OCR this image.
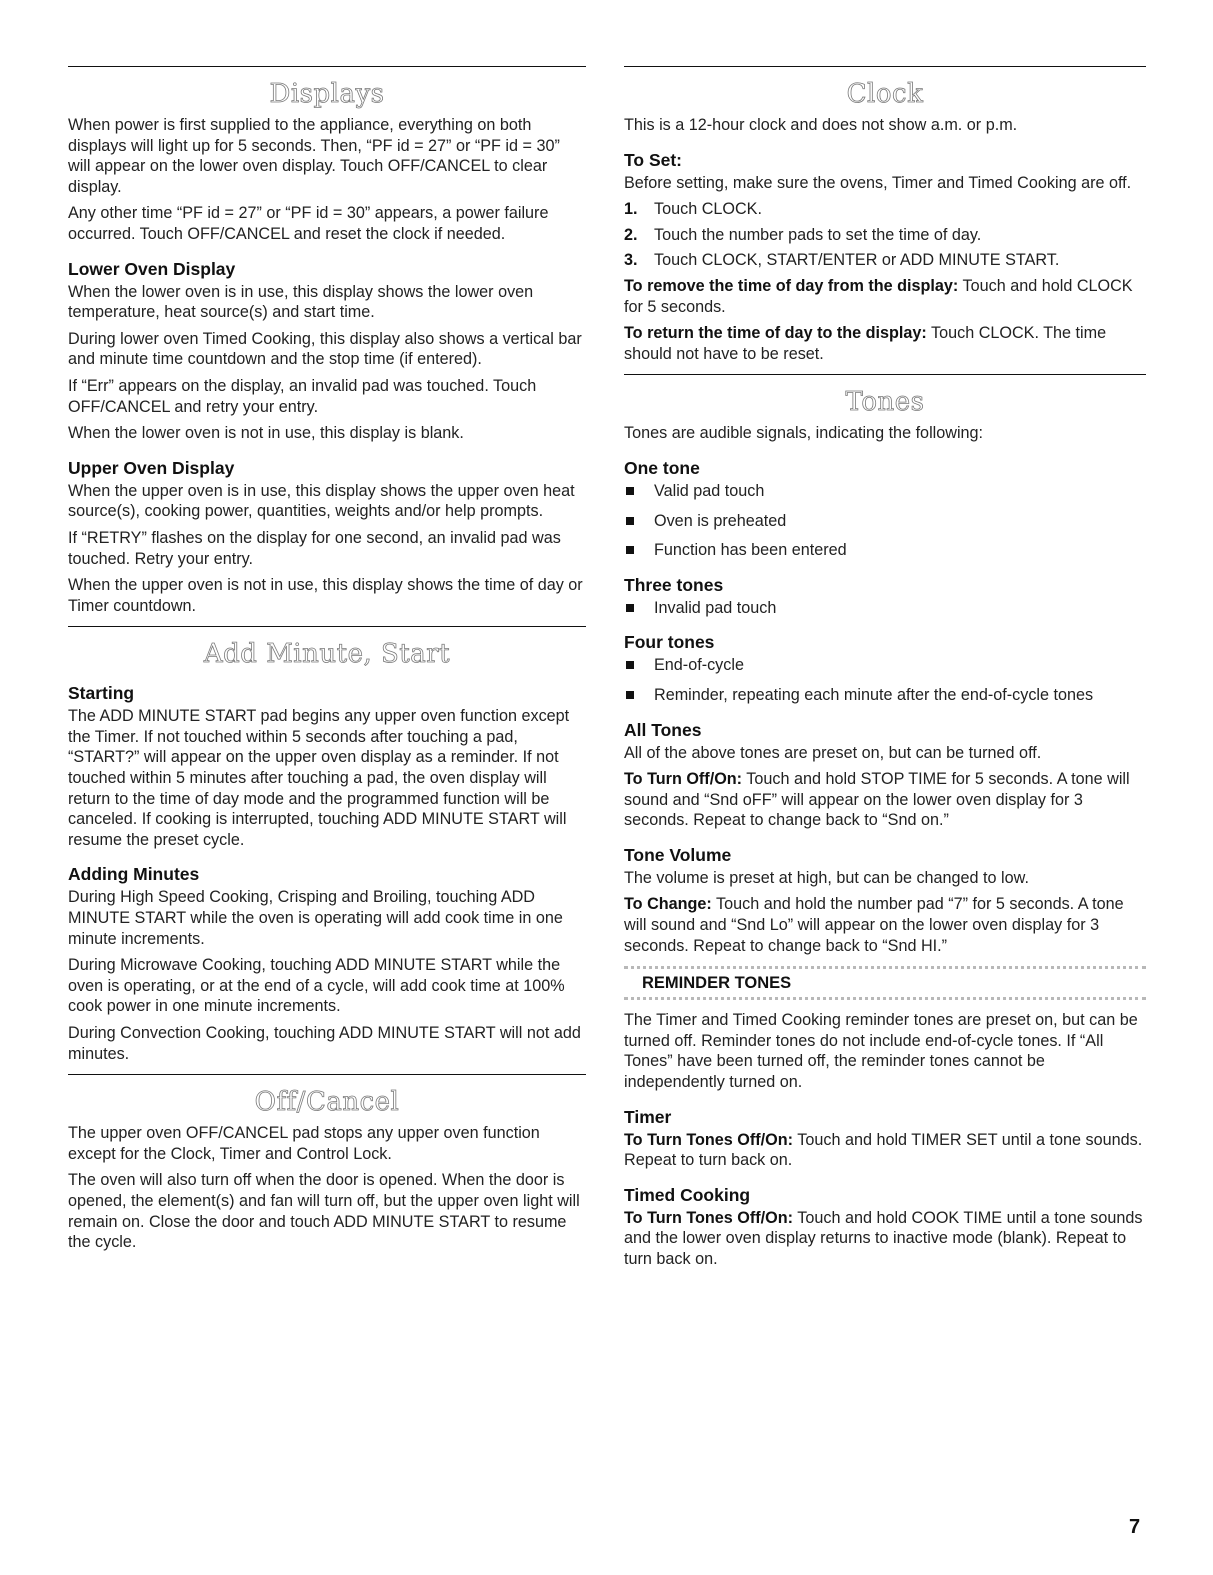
Displays

When power is first supplied to the appliance, everything on both displays will light up for 5 seconds. Then, “PF id = 27” or “PF id = 30” will appear on the lower oven display. Touch OFF/CANCEL to clear display.

Any other time “PF id = 27” or “PF id = 30” appears, a power failure occurred. Touch OFF/CANCEL and reset the clock if needed.

Lower Oven Display

When the lower oven is in use, this display shows the lower oven temperature, heat source(s) and start time.

During lower oven Timed Cooking, this display also shows a vertical bar and minute time countdown and the stop time (if entered).

If “Err” appears on the display, an invalid pad was touched. Touch OFF/CANCEL and retry your entry.

When the lower oven is not in use, this display is blank.

Upper Oven Display

When the upper oven is in use, this display shows the upper oven heat source(s), cooking power, quantities, weights and/or help prompts.

If “RETRY” flashes on the display for one second, an invalid pad was touched. Retry your entry.

When the upper oven is not in use, this display shows the time of day or Timer countdown.

Add Minute, Start
Starting

The ADD MINUTE START pad begins any upper oven function except the Timer. If not touched within 5 seconds after touching a pad, “START?” will appear on the upper oven display as a reminder. If not touched within 5 minutes after touching a pad, the oven display will return to the time of day mode and the programmed function will be canceled. If cooking is interrupted, touching ADD MINUTE START will resume the preset cycle.

Adding Minutes

During High Speed Cooking, Crisping and Broiling, touching ADD MINUTE START while the oven is operating will add cook time in one minute increments.

During Microwave Cooking, touching ADD MINUTE START while the oven is operating, or at the end of a cycle, will add cook time at 100% cook power in one minute increments.

During Convection Cooking, touching ADD MINUTE START will not add minutes.

Off/Cancel

The upper oven OFF/CANCEL pad stops any upper oven function except for the Clock, Timer and Control Lock.

The oven will also turn off when the door is opened. When the door is opened, the element(s) and fan will turn off, but the upper oven light will remain on. Close the door and touch ADD MINUTE START to resume the cycle.

Clock

This is a 12-hour clock and does not show a.m. or p.m.

To Set:

Before setting, make sure the ovens, Timer and Timed Cooking are off.

1. Touch CLOCK.
2. Touch the number pads to set the time of day.
3. Touch CLOCK, START/ENTER or ADD MINUTE START.

To remove the time of day from the display: Touch and hold CLOCK for 5 seconds.

To return the time of day to the display: Touch CLOCK. The time should not have to be reset.

Tones

Tones are audible signals, indicating the following:

One tone
Valid pad touch
Oven is preheated
Function has been entered
Three tones
Invalid pad touch
Four tones
End-of-cycle
Reminder, repeating each minute after the end-of-cycle tones
All Tones

All of the above tones are preset on, but can be turned off.

To Turn Off/On: Touch and hold STOP TIME for 5 seconds. A tone will sound and “Snd oFF” will appear on the lower oven display for 3 seconds. Repeat to change back to “Snd on.”

Tone Volume

The volume is preset at high, but can be changed to low.

To Change: Touch and hold the number pad “7” for 5 seconds. A tone will sound and “Snd Lo” will appear on the lower oven display for 3 seconds. Repeat to change back to “Snd HI.”

REMINDER TONES

The Timer and Timed Cooking reminder tones are preset on, but can be turned off. Reminder tones do not include end-of-cycle tones. If “All Tones” have been turned off, the reminder tones cannot be independently turned on.

Timer

To Turn Tones Off/On: Touch and hold TIMER SET until a tone sounds. Repeat to turn back on.

Timed Cooking

To Turn Tones Off/On: Touch and hold COOK TIME until a tone sounds and the lower oven display returns to inactive mode (blank). Repeat to turn back on.

7
